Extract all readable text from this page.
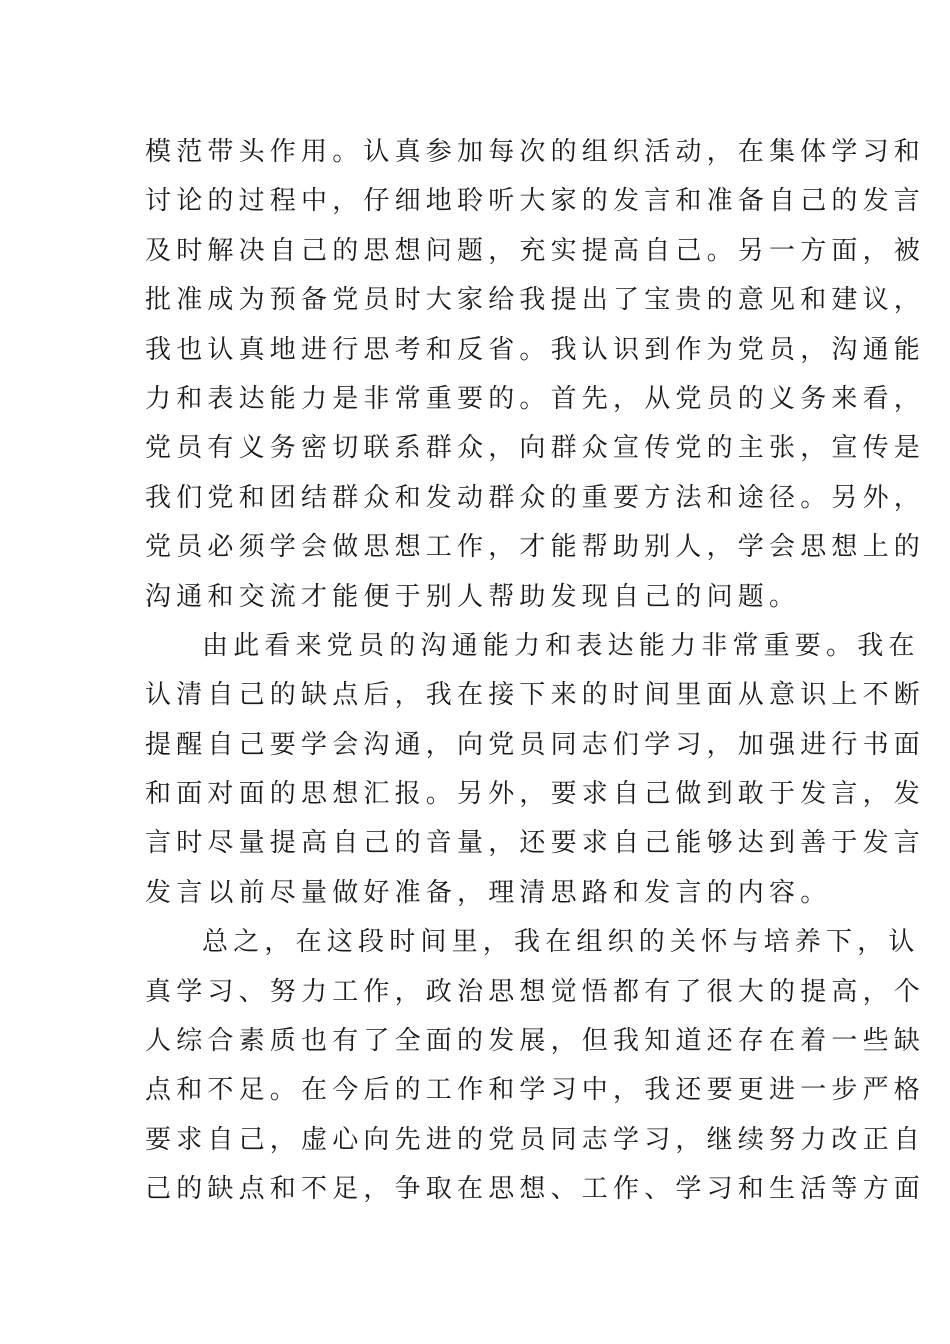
模范带头作用。认真参加每次的组织活动，在集体学习和
讨论的过程中，仔细地聆听大家的发言和准备自己的发言
及时解决自己的思想问题，充实提高自己。另一方面，被
批准成为预备党员时大家给我提出了宝贵的意见和建议，
我也认真地进行思考和反省。我认识到作为党员，沟通能
力和表达能力是非常重要的。首先，从党员的义务来看，
党员有义务密切联系群众，向群众宣传党的主张，宣传是
我们党和团结群众和发动群众的重要方法和途径。另外，
党员必须学会做思想工作，才能帮助别人，学会思想上的
沟通和交流才能便于别人帮助发现自己的问题。
由此看来党员的沟通能力和表达能力非常重要。我在
认清自己的缺点后，我在接下来的时间里面从意识上不断
提醒自己要学会沟通，向党员同志们学习，加强进行书面
和面对面的思想汇报。另外，要求自己做到敢于发言，发
言时尽量提高自己的音量，还要求自己能够达到善于发言
发言以前尽量做好准备，理清思路和发言的内容。
总之，在这段时间里，我在组织的关怀与培养下，认
真学习、努力工作，政治思想觉悟都有了很大的提高，个
人综合素质也有了全面的发展，但我知道还存在着一些缺
点和不足。在今后的工作和学习中，我还要更进一步严格
要求自己，虚心向先进的党员同志学习，继续努力改正自
己的缺点和不足，争取在思想、工作、学习和生活等方面
